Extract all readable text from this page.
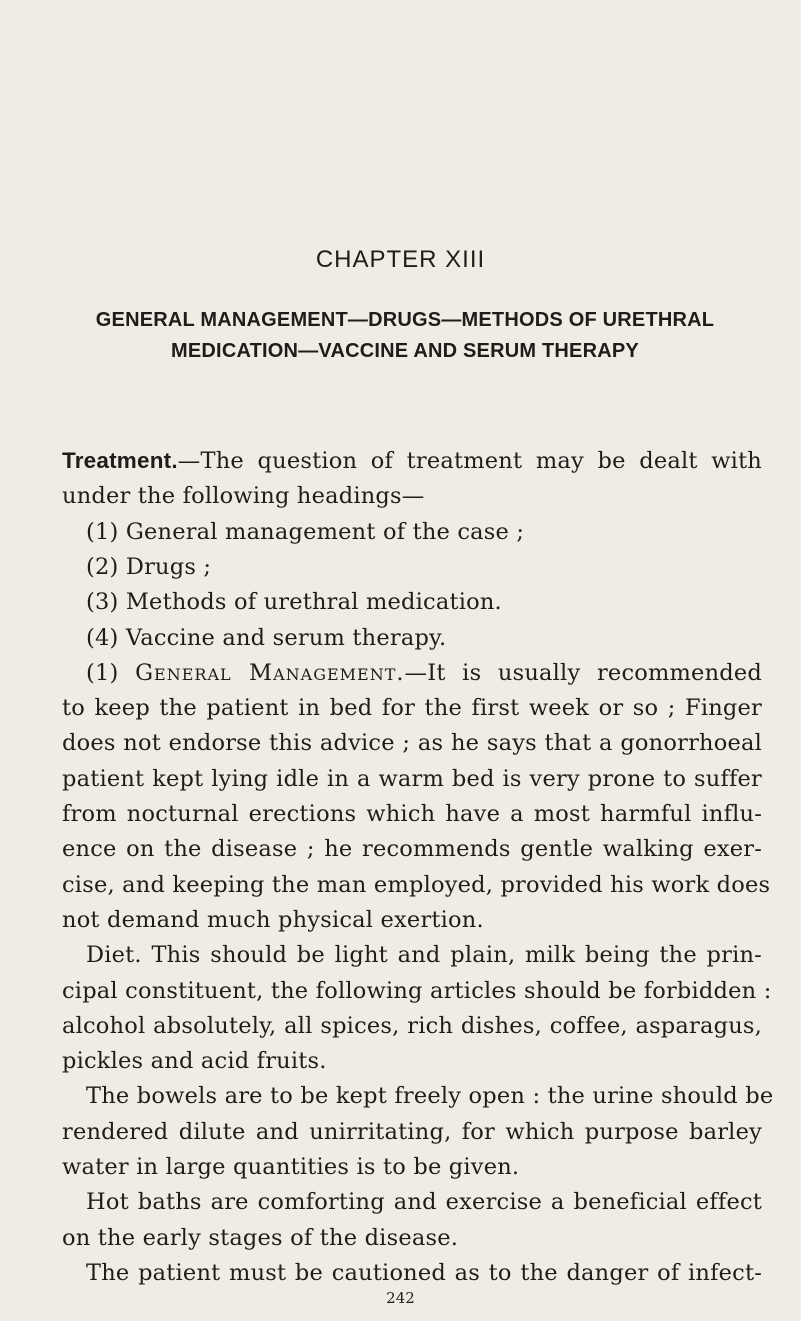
CHAPTER XIII
GENERAL MANAGEMENT—DRUGS—METHODS OF URETHRAL
MEDICATION—VACCINE AND SERUM THERAPY
Treatment.—The question of treatment may be dealt with
under the following headings—
(1) General management of the case ;
(2) Drugs ;
(3) Methods of urethral medication.
(4) Vaccine and serum therapy.
(1) General Management.—It is usually recommended
to keep the patient in bed for the first week or so ; Finger
does not endorse this advice ; as he says that a gonorrhoeal
patient kept lying idle in a warm bed is very prone to suffer
from nocturnal erections which have a most harmful influ-
ence on the disease ; he recommends gentle walking exer-
cise, and keeping the man employed, provided his work does
not demand much physical exertion.
Diet. This should be light and plain, milk being the prin-
cipal constituent, the following articles should be forbidden :
alcohol absolutely, all spices, rich dishes, coffee, asparagus,
pickles and acid fruits.
The bowels are to be kept freely open : the urine should be
rendered dilute and unirritating, for which purpose barley
water in large quantities is to be given.
Hot baths are comforting and exercise a beneficial effect
on the early stages of the disease.
The patient must be cautioned as to the danger of infect-
242
